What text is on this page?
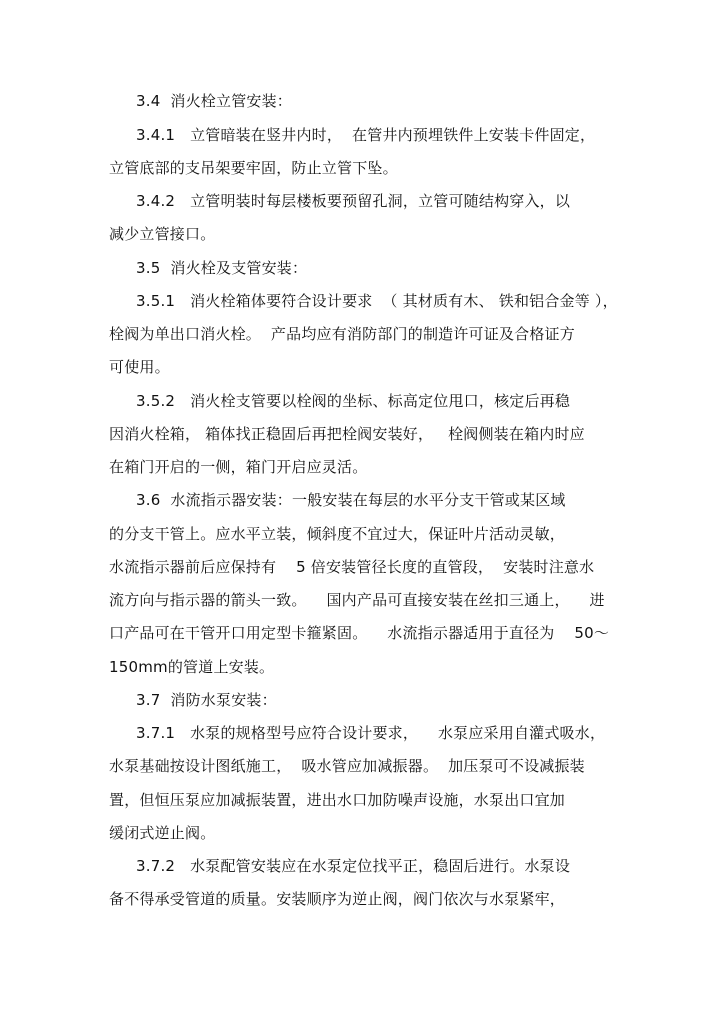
3.4  消火栓立管安装：
3.4.1   立管暗装在竖井内时，  在管井内预埋铁件上安装卡件固定，
立管底部的支吊架要牢固，防止立管下坠。
3.4.2   立管明装时每层楼板要预留孔洞，立管可随结构穿入，以
减少立管接口。
3.5  消火栓及支管安装：
3.5.1   消火栓箱体要符合设计要求  （ 其材质有木、 铁和铝合金等 ），
栓阀为单出口消火栓。  产品均应有消防部门的制造许可证及合格证方
可使用。
3.5.2   消火栓支管要以栓阀的坐标、标高定位甩口，核定后再稳
因消火栓箱， 箱体找正稳固后再把栓阀安装好，   栓阀侧装在箱内时应
在箱门开启的一侧，箱门开启应灵活。
3.6  水流指示器安装：一般安装在每层的水平分支干管或某区域
的分支干管上。应水平立装，倾斜度不宜过大，保证叶片活动灵敏，
水流指示器前后应保持有    5 倍安装管径长度的直管段，  安装时注意水
流方向与指示器的箭头一致。    国内产品可直接安装在丝扣三通上，    进
口产品可在干管开口用定型卡箍紧固。    水流指示器适用于直径为    50～
150mm的管道上安装。
3.7  消防水泵安装：
3.7.1   水泵的规格型号应符合设计要求，    水泵应采用自灌式吸水，
水泵基础按设计图纸施工，  吸水管应加减振器。  加压泵可不设减振装
置，但恒压泵应加减振装置，进出水口加防噪声设施，水泵出口宜加
缓闭式逆止阀。
3.7.2   水泵配管安装应在水泵定位找平正，稳固后进行。水泵设
备不得承受管道的质量。安装顺序为逆止阀，阀门依次与水泵紧牢，
